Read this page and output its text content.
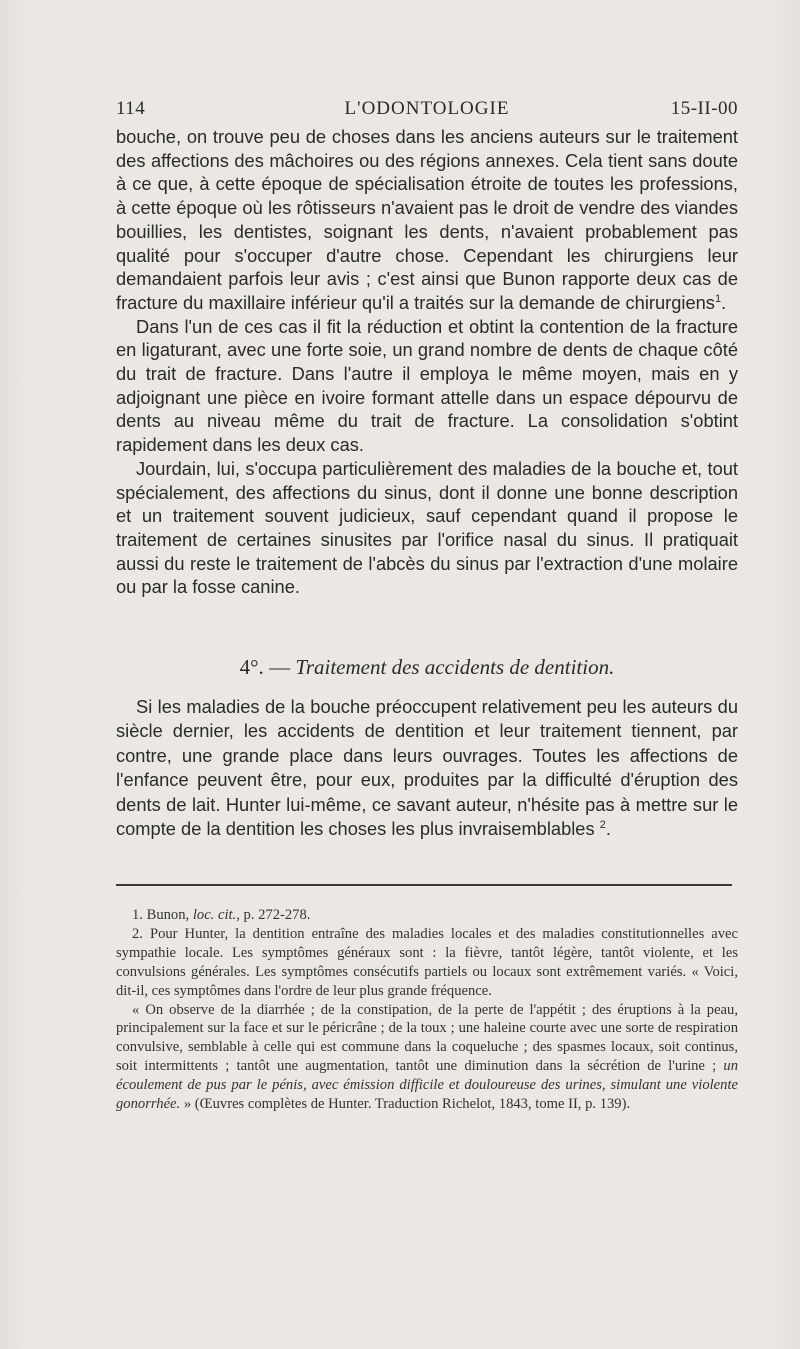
114	L'ODONTOLOGIE	15-II-00

bouche, on trouve peu de choses dans les anciens auteurs sur le traitement des affections des mâchoires ou des régions annexes. Cela tient sans doute à ce que, à cette époque de spécialisation étroite de toutes les professions, à cette époque où les rôtisseurs n'avaient pas le droit de vendre des viandes bouillies, les dentistes, soignant les dents, n'avaient probablement pas qualité pour s'occuper d'autre chose. Cependant les chirurgiens leur demandaient parfois leur avis ; c'est ainsi que Bunon rapporte deux cas de fracture du maxillaire inférieur qu'il a traités sur la demande de chirurgiens$^1$.

Dans l'un de ces cas il fit la réduction et obtint la contention de la fracture en ligaturant, avec une forte soie, un grand nombre de dents de chaque côté du trait de fracture. Dans l'autre il employa le même moyen, mais en y adjoignant une pièce en ivoire formant attelle dans un espace dépourvu de dents au niveau même du trait de fracture. La consolidation s'obtint rapidement dans les deux cas.

Jourdain, lui, s'occupa particulièrement des maladies de la bouche et, tout spécialement, des affections du sinus, dont il donne une bonne description et un traitement souvent judicieux, sauf cependant quand il propose le traitement de certaines sinusites par l'orifice nasal du sinus. Il pratiquait aussi du reste le traitement de l'abcès du sinus par l'extraction d'une molaire ou par la fosse canine.

4°. — Traitement des accidents de dentition.

Si les maladies de la bouche préoccupent relativement peu les auteurs du siècle dernier, les accidents de dentition et leur traitement tiennent, par contre, une grande place dans leurs ouvrages. Toutes les affections de l'enfance peuvent être, pour eux, produites par la difficulté d'éruption des dents de lait. Hunter lui-même, ce savant auteur, n'hésite pas à mettre sur le compte de la dentition les choses les plus invraisemblables $^2$.

1. Bunon, loc. cit., p. 272-278.

2. Pour Hunter, la dentition entraîne des maladies locales et des maladies constitutionnelles avec sympathie locale. Les symptômes généraux sont : la fièvre, tantôt légère, tantôt violente, et les convulsions générales. Les symptômes consécutifs partiels ou locaux sont extrêmement variés. « Voici, dit-il, ces symptômes dans l'ordre de leur plus grande fréquence.

« On observe de la diarrhée ; de la constipation, de la perte de l'appétit ; des éruptions à la peau, principalement sur la face et sur le péricrâne ; de la toux ; une haleine courte avec une sorte de respiration convulsive, semblable à celle qui est commune dans la coqueluche ; des spasmes locaux, soit continus, soit intermittents ; tantôt une augmentation, tantôt une diminution dans la sécrétion de l'urine ; un écoulement de pus par le pénis, avec émission difficile et douloureuse des urines, simulant une violente gonorrhée. » (Œuvres complètes de Hunter. Traduction Richelot, 1843, tome II, p. 139).
